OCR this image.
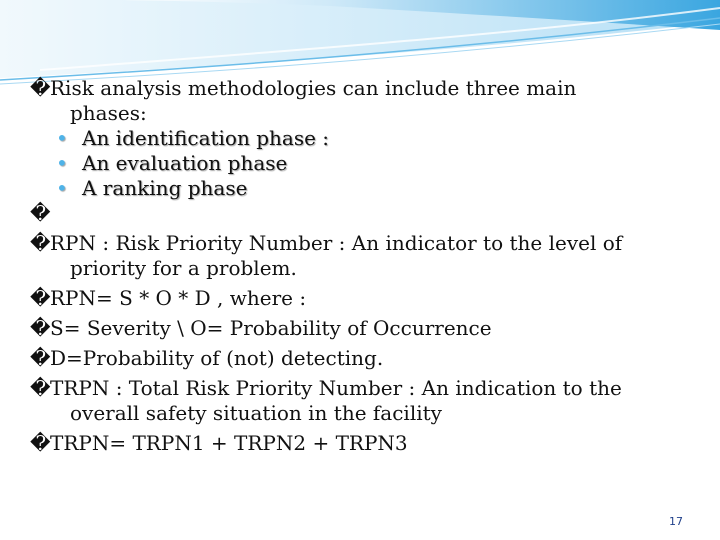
�Risk analysis methodologies can include three main
phases:
• An identification phase :
• An evaluation phase
• A ranking phase
�
�RPN : Risk Priority Number : An indicator to the level of
priority for a problem.
�RPN= S * O * D , where :
�S= Severity \ O= Probability of Occurrence
�D=Probability of (not) detecting.
�TRPN : Total Risk Priority Number : An indication to the
overall safety situation in the facility
�TRPN= TRPN1 + TRPN2 + TRPN3
17
